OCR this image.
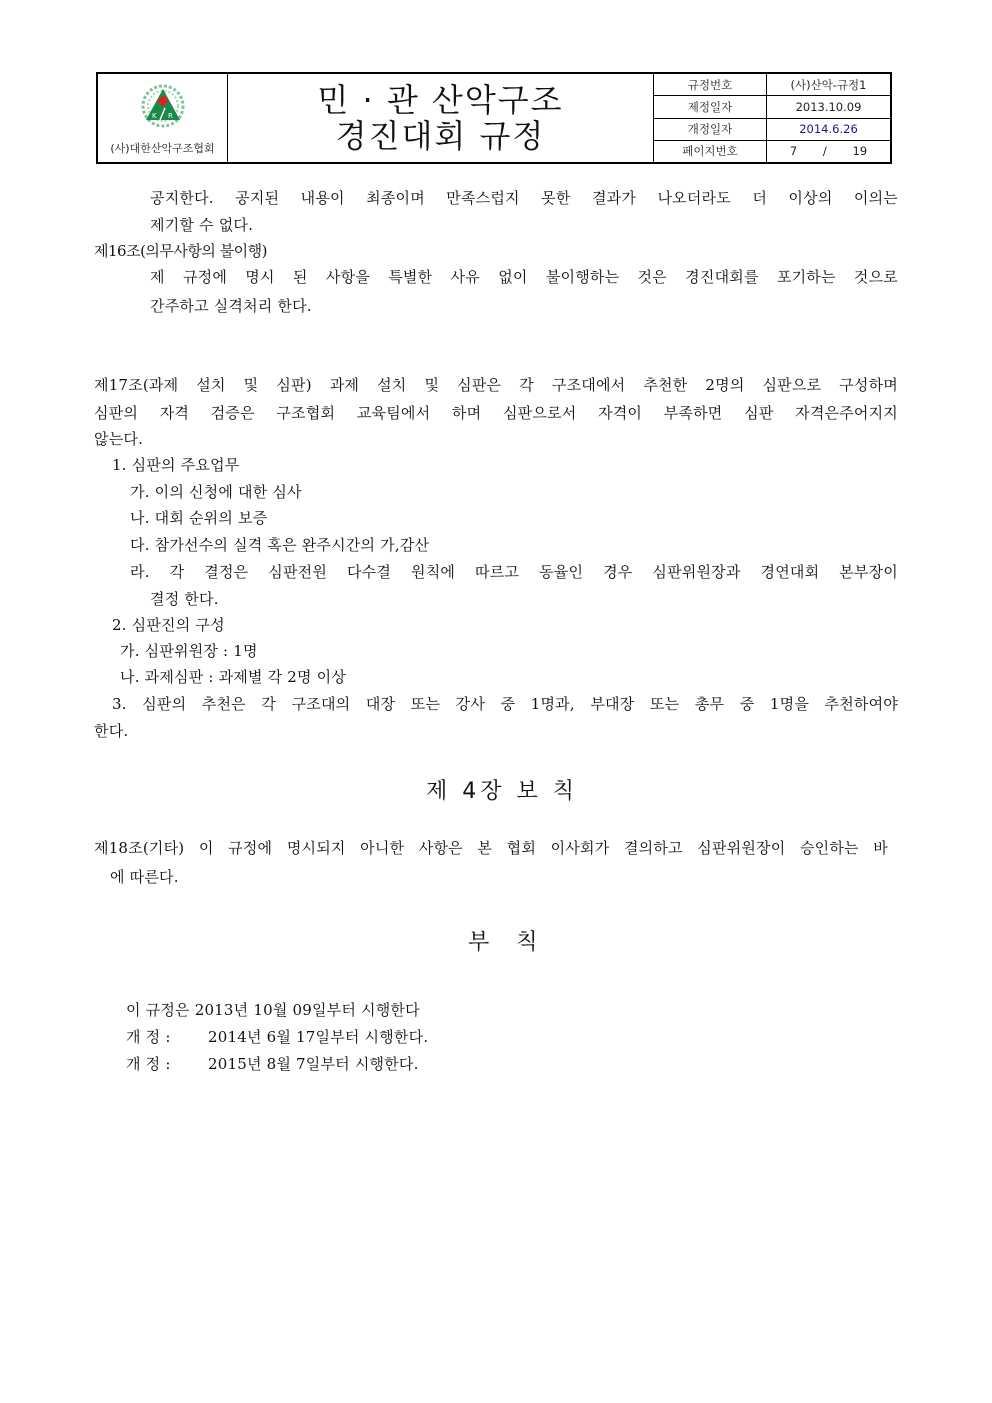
K R
(사)대한산악구조협회
민 · 관 산악구조
경진대회 규정
규정번호	(사)산악-규정1
제정일자	2013.10.09
개정일자	2014.6.26
페이지번호	7 / 19
공지한다. 공지된 내용이 최종이며 만족스럽지 못한 결과가 나오더라도 더 이상의 이의는
제기할 수 없다.
제16조(의무사항의 불이행)
제 규정에 명시 된 사항을 특별한 사유 없이 불이행하는 것은 경진대회를 포기하는 것으로
간주하고 실격처리 한다.
제17조(과제 설치 및 심판) 과제 설치 및 심판은 각 구조대에서 추천한 2명의 심판으로 구성하며
심판의 자격 검증은 구조협회 교육팀에서 하며 심판으로서 자격이 부족하면 심판 자격은주어지지
않는다.
1. 심판의 주요업무
가. 이의 신청에 대한 심사
나. 대회 순위의 보증
다. 참가선수의 실격 혹은 완주시간의 가,감산
라. 각 결정은 심판전원 다수결 원칙에 따르고 동율인 경우 심판위원장과 경연대회 본부장이
결정 한다.
2. 심판진의 구성
가. 심판위원장 : 1명
나. 과제심판 : 과제별 각 2명 이상
3. 심판의 추천은 각 구조대의 대장 또는 강사 중 1명과, 부대장 또는 총무 중 1명을 추천하여야
한다.
제 4장 보 칙
제18조(기타) 이 규정에 명시되지 아니한 사항은 본 협회 이사회가 결의하고 심판위원장이 승인하는 바
에 따른다.
부 칙
이 규정은 2013년 10월 09일부터 시행한다
개 정 : 2014년 6월 17일부터 시행한다.
개 정 : 2015년 8월 7일부터 시행한다.
